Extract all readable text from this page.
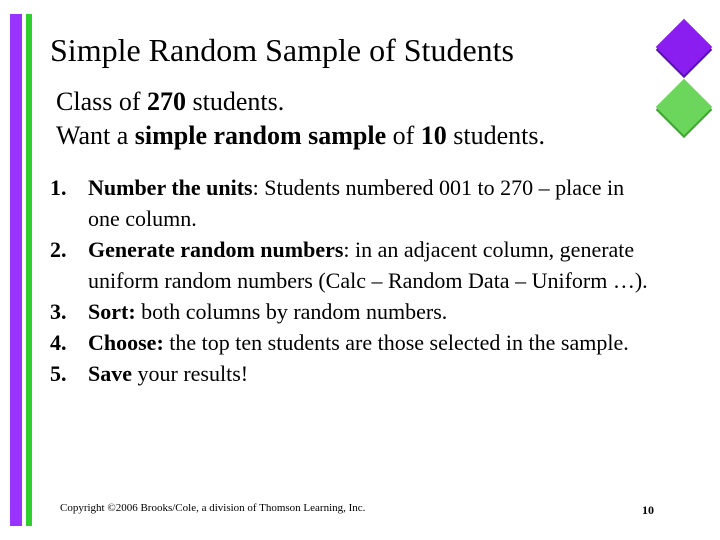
Simple Random Sample of Students
Class of 270 students.
Want a simple random sample of 10 students.
1. Number the units: Students numbered 001 to 270 – place in one column.
2. Generate random numbers: in an adjacent column, generate uniform random numbers (Calc – Random Data – Uniform …).
3. Sort: both columns by random numbers.
4. Choose: the top ten students are those selected in the sample.
5. Save your results!
Copyright ©2006 Brooks/Cole, a division of Thomson Learning, Inc.	10
